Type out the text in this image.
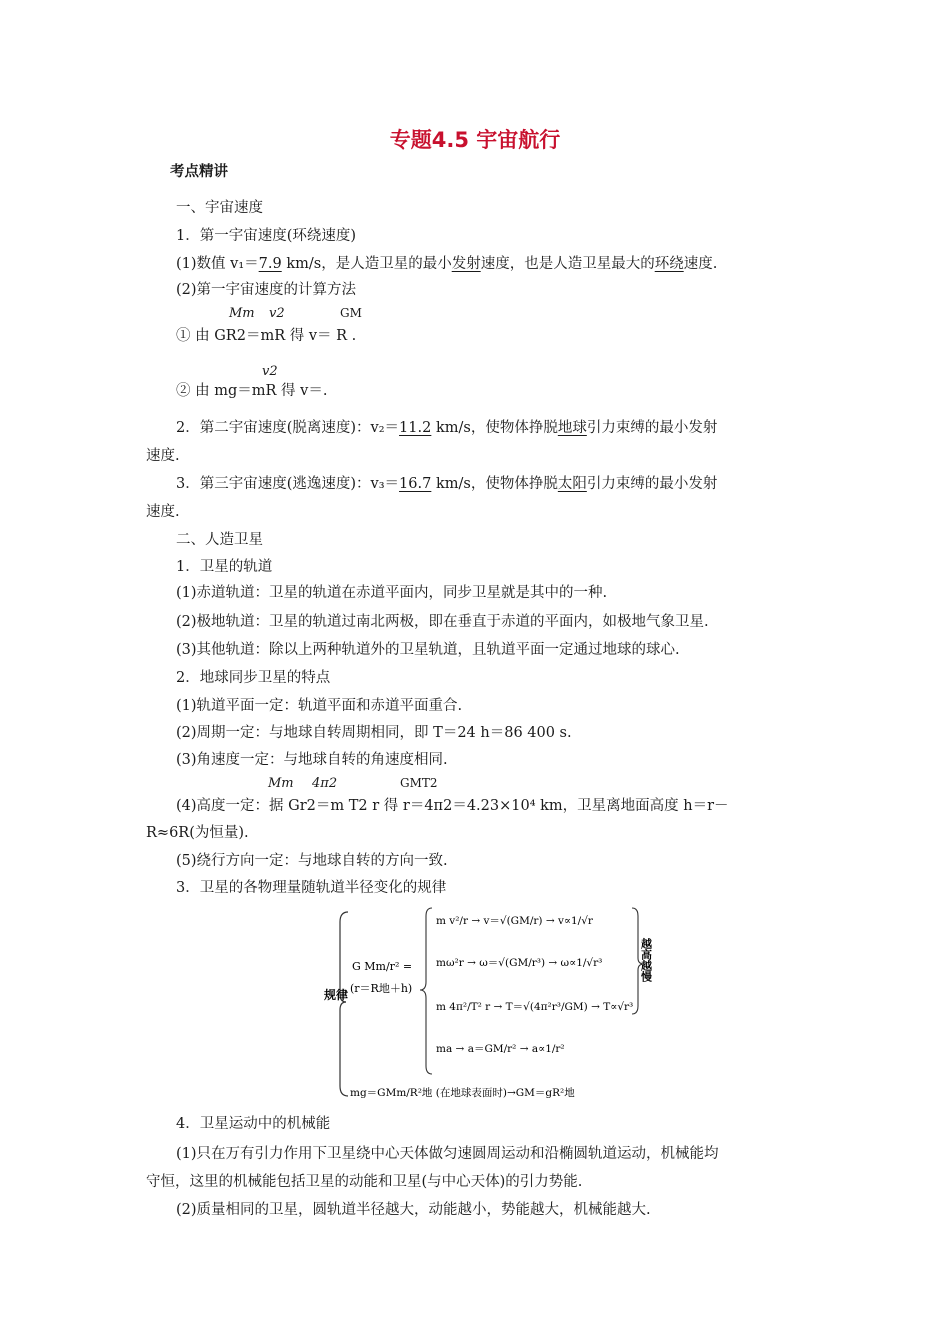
专题4.5 宇宙航行
考点精讲
一、宇宙速度
1．第一宇宙速度(环绕速度)
(1)数值 v₁＝7.9 km/s，是人造卫星的最小发射速度，也是人造卫星最大的环绕速度.
(2)第一宇宙速度的计算方法
Mm v2	GM
① 由 GR2＝mR 得 v＝ R .
v2
② 由 mg＝mR 得 v＝.
2．第二宇宙速度(脱离速度)：v₂＝11.2 km/s，使物体挣脱地球引力束缚的最小发射
速度.
3．第三宇宙速度(逃逸速度)：v₃＝16.7 km/s，使物体挣脱太阳引力束缚的最小发射
速度.
二、人造卫星
1．卫星的轨道
(1)赤道轨道：卫星的轨道在赤道平面内，同步卫星就是其中的一种.
(2)极地轨道：卫星的轨道过南北两极，即在垂直于赤道的平面内，如极地气象卫星.
(3)其他轨道：除以上两种轨道外的卫星轨道，且轨道平面一定通过地球的球心.
2．地球同步卫星的特点
(1)轨道平面一定：轨道平面和赤道平面重合.
(2)周期一定：与地球自转周期相同，即 T＝24 h＝86 400 s.
(3)角速度一定：与地球自转的角速度相同.
Mm 4π2	GMT2
(4)高度一定：据 Gr2＝m T2 r 得 r＝4π2＝4.23×10⁴ km，卫星离地面高度 h＝r－
R≈6R(为恒量).
(5)绕行方向一定：与地球自转的方向一致.
3．卫星的各物理量随轨道半径变化的规律
规律
G Mm/r² =
(r＝R地＋h)
m v²/r → v＝√(GM/r) → v∝1/√r
mω²r → ω＝√(GM/r³) → ω∝1/√r³
m 4π²/T² r → T＝√(4π²r³/GM) → T∝√r³
ma → a＝GM/r² → a∝1/r²
越高越慢
mg＝GMm/R²地 (在地球表面时)→GM＝gR²地
4．卫星运动中的机械能
(1)只在万有引力作用下卫星绕中心天体做匀速圆周运动和沿椭圆轨道运动，机械能均
守恒，这里的机械能包括卫星的动能和卫星(与中心天体)的引力势能.
(2)质量相同的卫星，圆轨道半径越大，动能越小，势能越大，机械能越大.
